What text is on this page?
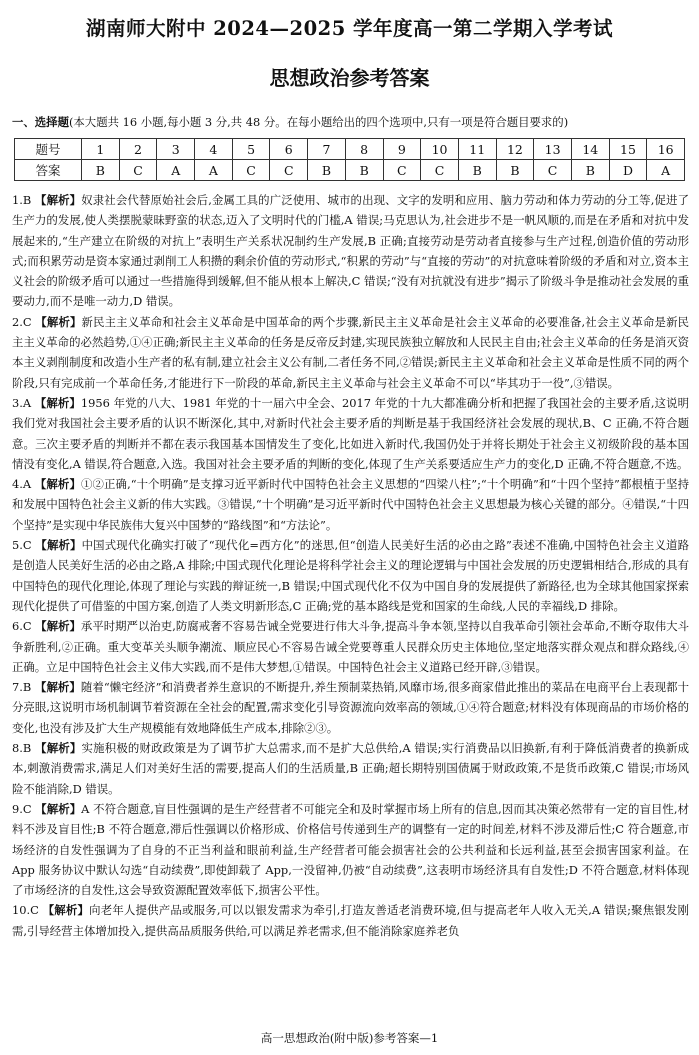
湖南师大附中 2024—2025 学年度高一第二学期入学考试
思想政治参考答案
一、选择题(本大题共 16 小题,每小题 3 分,共 48 分。在每小题给出的四个选项中,只有一项是符合题目要求的)
题号	1	2	3	4	5	6	7	8	9	10	11	12	13	14	15	16
答案	B	C	A	A	C	C	B	B	C	C	B	B	C	B	D	A

1.B 【解析】奴隶社会代替原始社会后,金属工具的广泛使用、城市的出现、文字的发明和应用、脑力劳动和体力劳动的分工等,促进了生产力的发展,使人类摆脱蒙昧野蛮的状态,迈入了文明时代的门槛,A 错误;马克思认为,社会进步不是一帆风顺的,而是在矛盾和对抗中发展起来的,“生产建立在阶级的对抗上”表明生产关系状况制约生产发展,B 正确;直接劳动是劳动者直接参与生产过程,创造价值的劳动形式;而积累劳动是资本家通过剥削工人积攒的剩余价值的劳动形式,“积累的劳动”与“直接的劳动”的对抗意味着阶级的矛盾和对立,资本主义社会的阶级矛盾可以通过一些措施得到缓解,但不能从根本上解决,C 错误;“没有对抗就没有进步”揭示了阶级斗争是推动社会发展的重要动力,而不是唯一动力,D 错误。

2.C 【解析】新民主主义革命和社会主义革命是中国革命的两个步骤,新民主主义革命是社会主义革命的必要准备,社会主义革命是新民主主义革命的必然趋势,①④正确;新民主主义革命的任务是反帝反封建,实现民族独立解放和人民民主自由;社会主义革命的任务是消灭资本主义剥削制度和改造小生产者的私有制,建立社会主义公有制,二者任务不同,②错误;新民主主义革命和社会主义革命是性质不同的两个阶段,只有完成前一个革命任务,才能进行下一阶段的革命,新民主主义革命与社会主义革命不可以“毕其功于一役”,③错误。

3.A 【解析】1956 年党的八大、1981 年党的十一届六中全会、2017 年党的十九大都准确分析和把握了我国社会的主要矛盾,这说明我们党对我国社会主要矛盾的认识不断深化,其中,对新时代社会主要矛盾的判断是基于我国经济社会发展的现状,B、C 正确,不符合题意。三次主要矛盾的判断并不都在表示我国基本国情发生了变化,比如进入新时代,我国仍处于并将长期处于社会主义初级阶段的基本国情没有变化,A 错误,符合题意,入选。我国对社会主要矛盾的判断的变化,体现了生产关系要适应生产力的变化,D 正确,不符合题意,不选。

4.A 【解析】①②正确,“十个明确”是支撑习近平新时代中国特色社会主义思想的“四梁八柱”;“十个明确”和“十四个坚持”都根植于坚持和发展中国特色社会主义新的伟大实践。③错误,“十个明确”是习近平新时代中国特色社会主义思想最为核心关键的部分。④错误,“十四个坚持”是实现中华民族伟大复兴中国梦的“路线图”和“方法论”。

5.C 【解析】中国式现代化确实打破了“现代化=西方化”的迷思,但“创造人民美好生活的必由之路”表述不准确,中国特色社会主义道路是创造人民美好生活的必由之路,A 排除;中国式现代化理论是将科学社会主义的理论逻辑与中国社会发展的历史逻辑相结合,形成的具有中国特色的现代化理论,体现了理论与实践的辩证统一,B 错误;中国式现代化不仅为中国自身的发展提供了新路径,也为全球其他国家探索现代化提供了可借鉴的中国方案,创造了人类文明新形态,C 正确;党的基本路线是党和国家的生命线,人民的幸福线,D 排除。

6.C 【解析】承平时期严以治吏,防腐戒奢不容易告诫全党要进行伟大斗争,提高斗争本领,坚持以自我革命引领社会革命,不断夺取伟大斗争新胜利,②正确。重大变革关头顺争潮流、顺应民心不容易告诫全党要尊重人民群众历史主体地位,坚定地落实群众观点和群众路线,④正确。立足中国特色社会主义伟大实践,而不是伟大梦想,①错误。中国特色社会主义道路已经开辟,③错误。

7.B 【解析】随着“懒宅经济”和消费者养生意识的不断提升,养生预制菜热销,风靡市场,很多商家借此推出的菜品在电商平台上表现都十分亮眼,这说明市场机制调节着资源在全社会的配置,需求变化引导资源流向效率高的领域,①④符合题意;材料没有体现商品的市场价格的变化,也没有涉及扩大生产规模能有效地降低生产成本,排除②③。

8.B 【解析】实施积极的财政政策是为了调节扩大总需求,而不是扩大总供给,A 错误;实行消费品以旧换新,有利于降低消费者的换新成本,刺激消费需求,满足人们对美好生活的需要,提高人们的生活质量,B 正确;超长期特别国债属于财政政策,不是货币政策,C 错误;市场风险不能消除,D 错误。

9.C 【解析】A 不符合题意,盲目性强调的是生产经营者不可能完全和及时掌握市场上所有的信息,因而其决策必然带有一定的盲目性,材料不涉及盲目性;B 不符合题意,滞后性强调以价格形成、价格信号传递到生产的调整有一定的时间差,材料不涉及滞后性;C 符合题意,市场经济的自发性强调为了自身的不正当利益和眼前利益,生产经营者可能会损害社会的公共利益和长远利益,甚至会损害国家利益。在 App 服务协议中默认勾选“自动续费”,即使卸载了 App,一没留神,仍被“自动续费”,这表明市场经济具有自发性;D 不符合题意,材料体现了市场经济的自发性,这会导致资源配置效率低下,损害公平性。

10.C 【解析】向老年人提供产品或服务,可以以银发需求为牵引,打造友善适老消费环境,但与提高老年人收入无关,A 错误;聚焦银发刚需,引导经营主体增加投入,提供高品质服务供给,可以满足养老需求,但不能消除家庭养老负

高一思想政治(附中版)参考答案—1
